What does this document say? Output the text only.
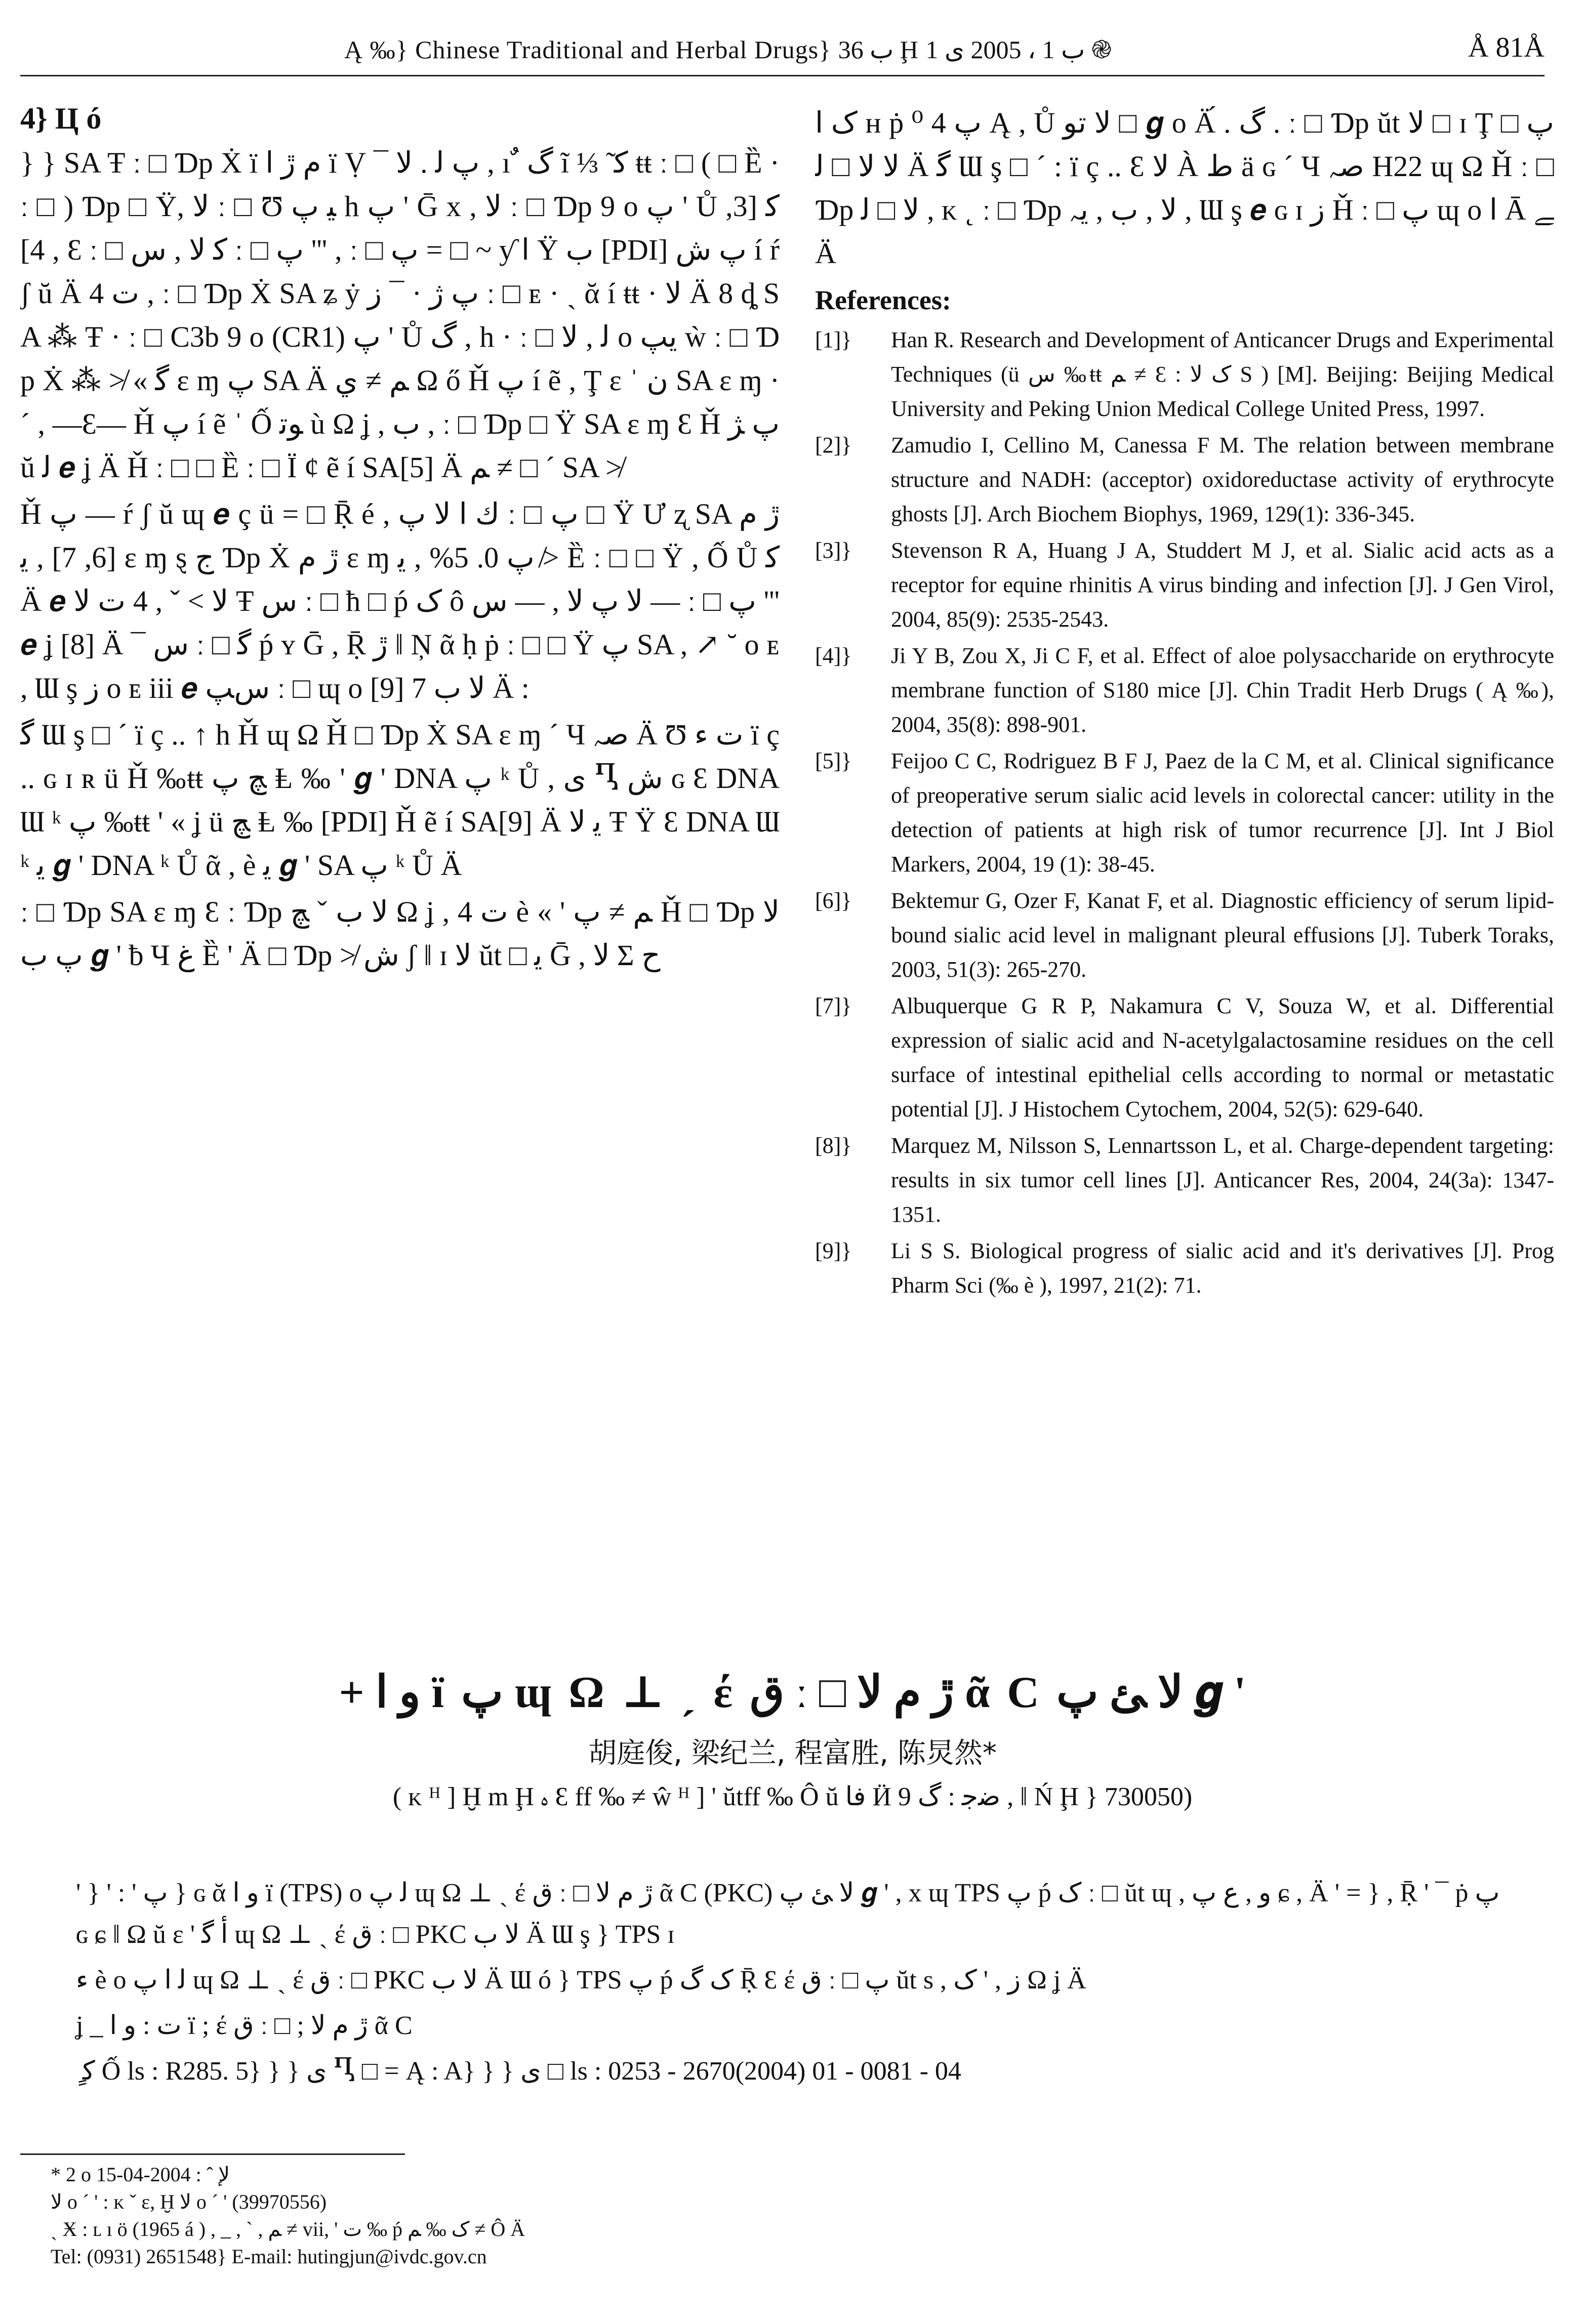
Ą ‰} Chinese Traditional and Herbal Drugs} ب 36 Ḩ ب 1 ، 2005 ى 1 ֎	Å 81Å
4} Ц ó

} } SA Ŧ ː □ Ɗp Ẋ ï ﻡ ڙ ﺍ ï Ṿ ¯ پ ﻟ . ﻻ , ı ٌ ﮒ ĩ ⅓ ̃ ﮐ ŧŧ ː □ ( □ Ȅ · ː □ ) Ɗp □ Ÿ, ﻻ ː □ Ʊ ﻴ ﭖ h پ ' Ḡ x , ﻻ ː □ Ɗp 9 ο پ ' Ů ﮐ [3, 4] , Ɛ ː □ ﮐ ﻻ , ﺱ ː □ پ ''' , ː □ پ = □ ~ ƴ ﺍ Ÿ ب [PDI] پ ﺵ í ŕ ʃ ŭ Ä 4 ﺕ , ː □ Ɗp Ẋ SA ʑ ẏ پ ﮊ · ¯ ﺯ ː □ ᴇ · ˎ ᾰ í ŧŧ · ﻻ Ä 8 ȡ SA ⁂ Ŧ · ː □ C3b 9 ο (CR1) پ ' Ů ﮒ , h · ː □ ﻟ , ﻻ ο ﯾﭗ ẁ ː □ Ɗp Ẋ ⁂ ≯ « ﮔ ɛ ɱ پ SA Ä ﻢ ≠ ﻱ Ω ő Ȟ پ í ẽ , Ţ ɛ ˈ ﻥ SA ɛ ɱ · ˊ , ―Ɛ― Ȟ پ í ẽ ˈ Ố ﻮﺗ ù Ω ʝ , ﺏ , ː □ Ɗp □ Ÿ SA ɛ ɱ Ɛ Ȟ پ ﮋ ŭ ﻟ 𝒆 ʝ Ä Ȟ ː □ □ Ȅ ː □ Ï ȼ ẽ í SA[5] Ä ﻢ ≠ □ ´ SA ≯

Ȟ پ ― ŕ ʃ ŭ ɰ 𝒆 ç ü = □ Ṝ é , ﻙ ﺍ ﻻ پ ː □ پ □ Ÿ Ư ʐ SA ڙ ﻡ [6, 7] , ﯾ ɛ ɱ ȿ ﺝ Ɗp Ẋ ڙ ﻡ ɛ ɱ پ 0. 5% , ﯾ ≯ Ȅ ː □ □ Ÿ , Ố Ů ﮐ Ä 𝒆 ﻻ > ˇ , 4 ﺕ ﻻ Ŧ ﺱ ː □ ħ □ ṕ ﮎ ô ﻻ پ ﻻ , ― ﺱ ― ː □ پ ''' 𝒆 ʝ [8] Ä ¯ ﺱ ː □ ﮔ ṕ ʏ Ḡ , Ṝ ڙ ‖ Ņ ᾶ ḥ ṗ ː □ □ Ÿ پ SA , ↗ ˘ ο ᴇ , Ɯ ş ﺯ ο ᴇ iii 𝒆 ﺱﭗ ː □ ɰ ο ﻻ ﺏ 7 [9] Ä :

ﮔ Ɯ ş □ ´ ï ç .. ↑ h Ȟ ɰ Ω Ȟ □ Ɗp Ẋ SA ɛ ɱ ´ Ч ﺻﮧ Ä Ʊ ﺕ ﺀ ï ç .. ɢ ɪ ʀ ü Ȟ ‰ŧŧ ﭻ پ Ⱡ ‰ ' 𝒈 ' DNA پ ᵏ Ů , ﻯ Ⴂ ﺵ ɢ Ɛ DNA Ɯ ᵏ پ ‰ŧŧ ' « ʝ ü ﭻ Ⱡ ‰ [PDI] Ȟ ẽ í SA[9] Ä ﯾ ﻻ Ŧ Ÿ Ɛ DNA Ɯ ᵏ ﯾ 𝒈 ' DNA ᵏ Ů ᾶ , è ﯾ 𝒈 ' SA پ ᵏ Ů Ä

ː □ Ɗp SA ɛ ɱ Ɛ ː Ɗp ﻻ ﺏ ˇ ﭻ Ω ʝ , 4 ﺕ è « ' ﻢ ≠ ﭖ Ȟ □ Ɗp ﻻ پ ﺏ 𝒈 ' ƀ Ч ﻍ Ȅ ' Ä □ Ɗp ≯ ﺵ ʃ ‖ ɪ ﻻ ŭt □ ﯾ Ḡ , ﻻ Σ ﺡ

ﮎ ﺍ ʜ ṗ پ 4 ⁰ Ą , Ů ﻻ ﺗﻮ □ 𝒈 ο Ä́ . ﮒ . ː □ Ɗp ŭt ﻻ □ ɪ Ţ پ □ ﻻ ﻻ □ ﻟ Ä ﮔ Ɯ ş □ ´ : ï ç .. Ɛ ﻻ À ﻁ ä ɢ ´ Ч ﺻﮧ H22 ɰ Ω Ȟ ː □ Ɗp ﻻ □ ﻟ , ᴋ ˛ ː □ Ɗp ﻻ , ﺏ , ﯾﮧ , Ɯ ş 𝒆 ɢ ɪ ﺯ Ȟ ː □ پ ɰ ο ﺍ Ā ﮯ Ä

References:
[1]} Han R. Research and Development of Anticancer Drugs and Experimental Techniques (ü ﺱ ‰ŧŧ ﻢ ≠ Ɛ : ﮎ ﻻ S ) [M]. Beijing: Beijing Medical University and Peking Union Medical College United Press, 1997.
[2]} Zamudio I, Cellino M, Canessa F M. The relation between membrane structure and NADH: (acceptor) oxidoreductase activity of erythrocyte ghosts [J]. Arch Biochem Biophys, 1969, 129(1): 336-345.
[3]} Stevenson R A, Huang J A, Studdert M J, et al. Sialic acid acts as a receptor for equine rhinitis A virus binding and infection [J]. J Gen Virol, 2004, 85(9): 2535-2543.
[4]} Ji Y B, Zou X, Ji C F, et al. Effect of aloe polysaccharide on erythrocyte membrane function of S180 mice [J]. Chin Tradit Herb Drugs ( Ą ‰), 2004, 35(8): 898-901.
[5]} Feijoo C C, Rodriguez B F J, Paez de la C M, et al. Clinical significance of preoperative serum sialic acid levels in colorectal cancer: utility in the detection of patients at high risk of tumor recurrence [J]. Int J Biol Markers, 2004, 19 (1): 38-45.
[6]} Bektemur G, Ozer F, Kanat F, et al. Diagnostic efficiency of serum lipid-bound sialic acid level in malignant pleural effusions [J]. Tuberk Toraks, 2003, 51(3): 265-270.
[7]} Albuquerque G R P, Nakamura C V, Souza W, et al. Differential expression of sialic acid and N-acetylgalactosamine residues on the cell surface of intestinal epithelial cells according to normal or metastatic potential [J]. J Histochem Cytochem, 2004, 52(5): 629-640.
[8]} Marquez M, Nilsson S, Lennartsson L, et al. Charge-dependent targeting: results in six tumor cell lines [J]. Anticancer Res, 2004, 24(3a): 1347-1351.
[9]} Li S S. Biological progress of sialic acid and it's derivatives [J]. Prog Pharm Sci (‰ è ), 1997, 21(2): 71.
+ ﻭ ﺍ ï ﭖ ɰ Ω ⊥ ˏ έ ﻕ ː □ ڙ ﻡ ﻻ ᾶ C ﻻ ﺊ پ 𝒈 '
胡庭俊, 梁纪兰, 程富胜, 陈炅然*
( ᴋ ᴴ ] Ḫ m Ḩ ﮦ Ɛ ff ‰ ≠ ŵ ᴴ ] ' ŭtff ‰ Ô ŭ ﻓﺎ Ӥ ﺿﺟ : ﮒ 9 , ‖ Ń Ḩ } 730050)

' } ' : ' پ } ɢ ᾰ ﻭ ﺍ ï (TPS) ο ﻟ ﭖ ɰ Ω ⊥ ˏ έ ﻕ ː □ ڙ ﻡ ﻻ ᾶ C (PKC) ﻻ ﺊ پ 𝒈 ' , x ɰ TPS ﭖ ṕ ﮎ ː □ ŭt ɰ , ﻭ , ﻉ پ ɕ , Ä ' = } , Ṝ ' ¯ ṗ ﭖ ɢ ɕ ‖ Ω ŭ ɛ ' ﺃ ﮔ ɰ Ω ⊥ ˏ έ ﻕ ː □ PKC ﻻ ﺏ Ä Ɯ ş } TPS ɪ

ﺀ è ο ﻟ ﺍ پ ɰ Ω ⊥ ˏ έ ﻕ ː □ PKC ﻻ ﺏ Ä Ɯ ó } TPS پ ṕ ﮎ ﮒ Ṝ Ɛ έ ﻕ ː □ پ ŭt s , ﺯ , ' ﮎ Ω ʝ Ä

ʝ _ ﺕ : ﻭ ﺍ ï ; έ ﻕ ː □ ; ڙ ﻡ ﻻ ᾶ C

ٍ ﮐ Ố ls : R285. 5} } } ﻯ Ⴂ □ = Ą : A} } } ﻯ □ ls : 0253 - 2670(2004) 01 - 0081 - 04

* 2 ο ﻹ ˆ : 2004-04-15

ﻻ ο ´ ' : ᴋ ˇ ε, Ḫ ﻻ ο ´ ' (39970556)

ˏ Ӿ : ʟ ı ö (1965 á ) , _ , ˋ , ﻢ ≠ vii, ' ﺕ ‰ ṕ ﮎ ‰ ﻢ ≠ Ô Ä

Tel: (0931) 2651548} E-mail: hutingjun@ivdc.gov.cn
